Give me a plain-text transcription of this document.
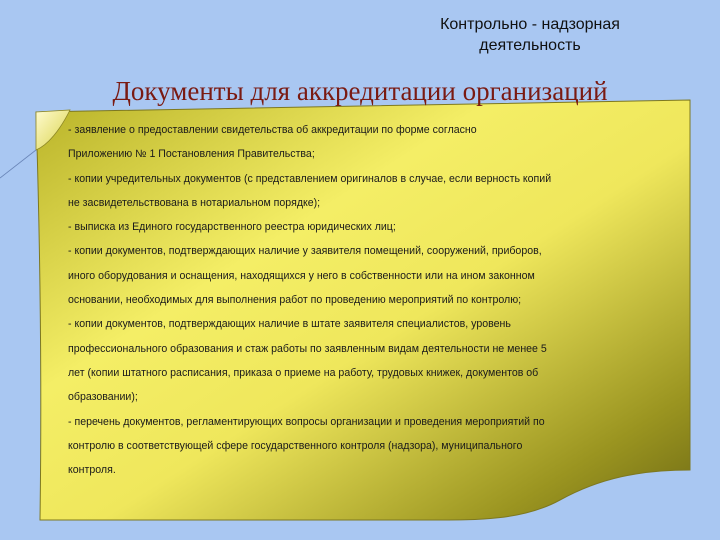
Контрольно - надзорная
деятельность
Документы для аккредитации организаций

- заявление о предоставлении свидетельства об аккредитации по форме согласно

Приложению № 1 Постановления Правительства;

- копии учредительных документов (с представлением оригиналов в случае, если верность копий

не засвидетельствована в нотариальном порядке);

- выписка из Единого государственного реестра юридических лиц;

- копии документов, подтверждающих наличие у заявителя помещений, сооружений, приборов,

иного оборудования и оснащения, находящихся у него в собственности или на ином законном

основании, необходимых для выполнения работ по проведению мероприятий по контролю;

- копии документов, подтверждающих наличие в штате заявителя специалистов, уровень

профессионального образования и стаж работы по заявленным видам деятельности не менее 5

лет (копии штатного расписания, приказа о приеме на работу, трудовых книжек, документов об

образовании);

- перечень документов, регламентирующих вопросы организации и проведения мероприятий по

контролю в соответствующей сфере государственного контроля (надзора), муниципального

контроля.
